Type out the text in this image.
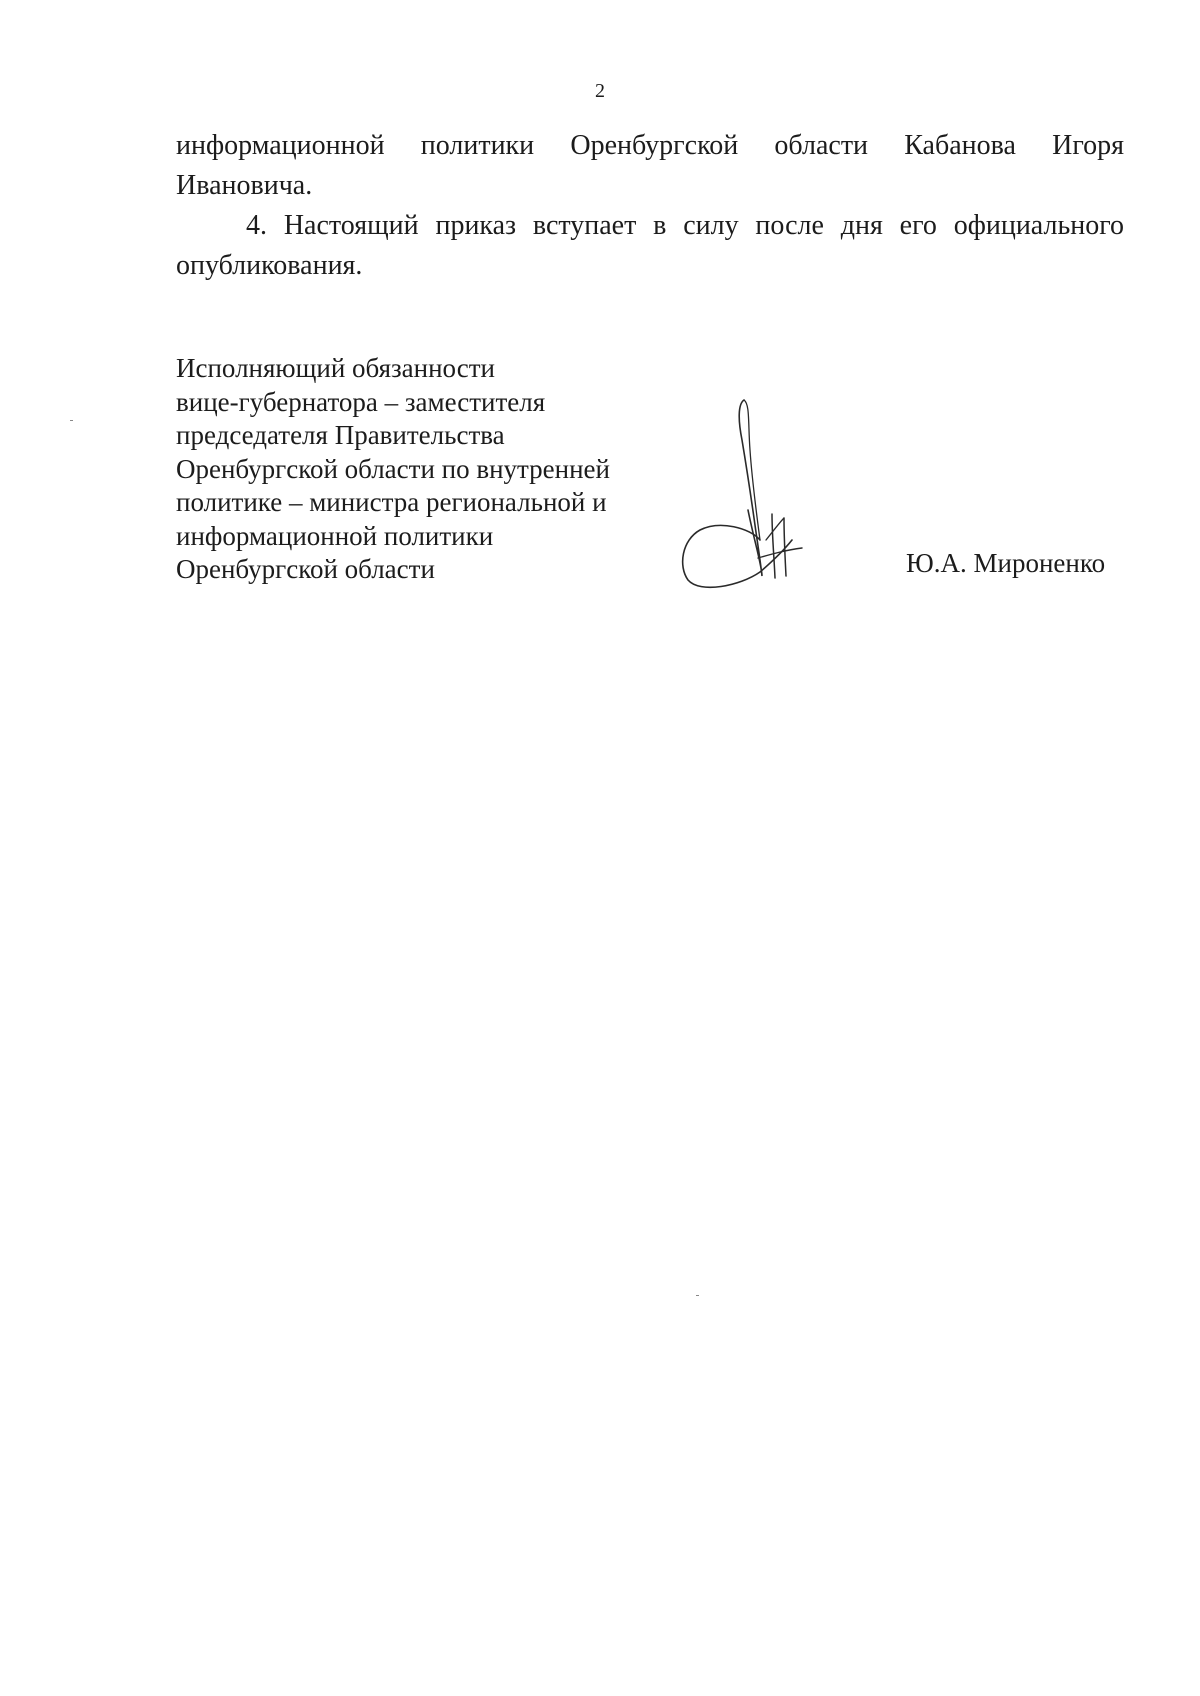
2

информационной политики Оренбургской области Кабанова Игоря

Ивановича.

4. Настоящий приказ вступает в силу после дня его официального опубликования.

Исполняющий обязанности
вице-губернатора – заместителя
председателя Правительства
Оренбургской области по внутренней
политике – министра региональной и
информационной политики
Оренбургской области	Ю.А. Мироненко
